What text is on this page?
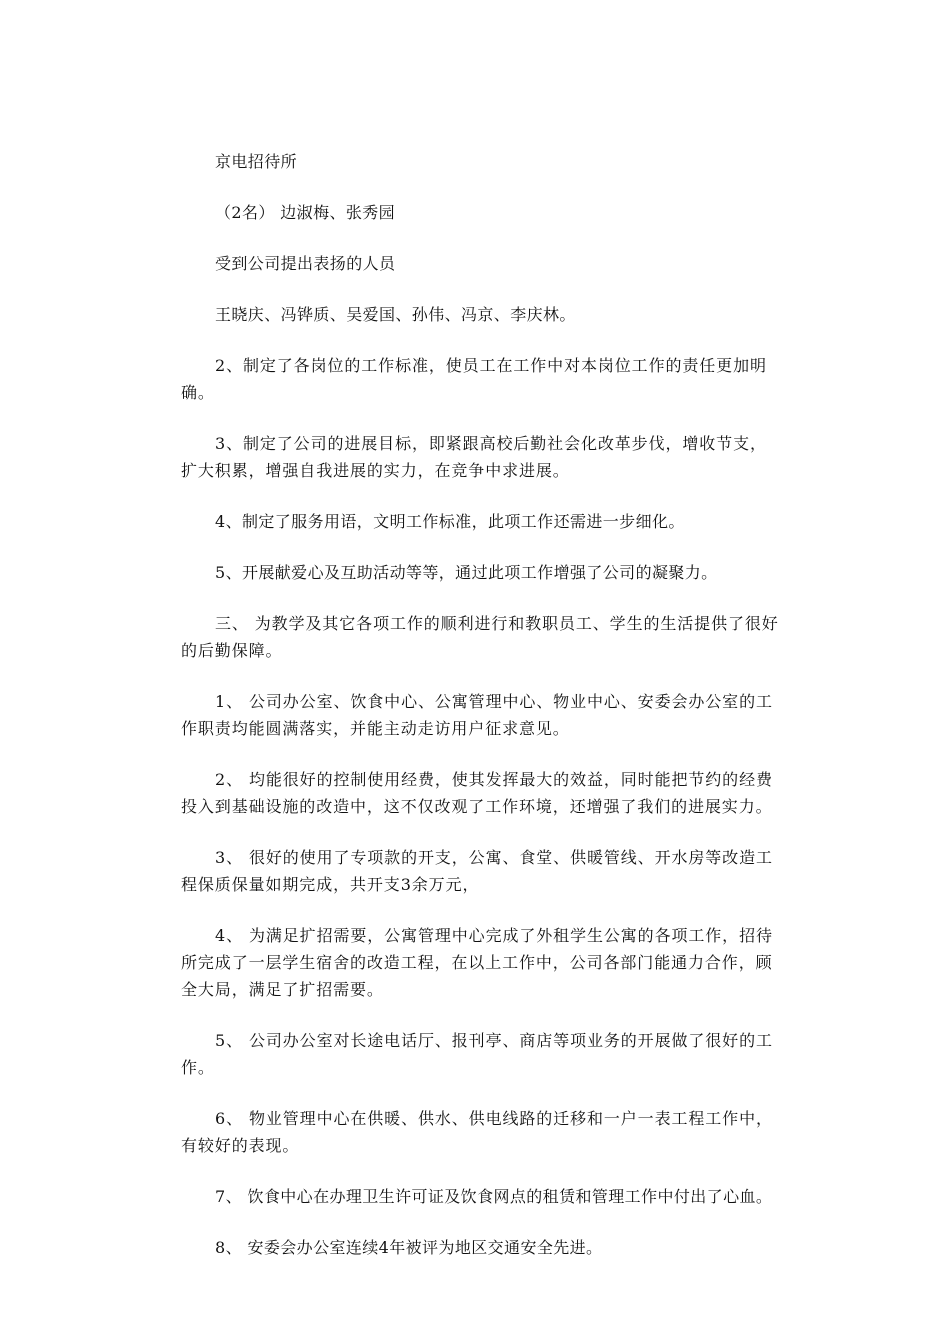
京电招待所

（2名） 边淑梅、张秀园

受到公司提出表扬的人员

王晓庆、冯铧质、吴爱国、孙伟、冯京、李庆林。

2、制定了各岗位的工作标准，使员工在工作中对本岗位工作的责任更加明确。

3、制定了公司的进展目标，即紧跟高校后勤社会化改革步伐，增收节支，扩大积累，增强自我进展的实力，在竞争中求进展。

4、制定了服务用语，文明工作标准，此项工作还需进一步细化。

5、开展献爱心及互助活动等等，通过此项工作增强了公司的凝聚力。

三、 为教学及其它各项工作的顺利进行和教职员工、学生的生活提供了很好的后勤保障。

1、 公司办公室、饮食中心、公寓管理中心、物业中心、安委会办公室的工作职责均能圆满落实，并能主动走访用户征求意见。

2、 均能很好的控制使用经费，使其发挥最大的效益，同时能把节约的经费投入到基础设施的改造中，这不仅改观了工作环境，还增强了我们的进展实力。

3、 很好的使用了专项款的开支，公寓、食堂、供暖管线、开水房等改造工程保质保量如期完成，共开支3余万元，

4、 为满足扩招需要，公寓管理中心完成了外租学生公寓的各项工作，招待所完成了一层学生宿舍的改造工程，在以上工作中，公司各部门能通力合作，顾全大局，满足了扩招需要。

5、 公司办公室对长途电话厅、报刊亭、商店等项业务的开展做了很好的工作。

6、 物业管理中心在供暖、供水、供电线路的迁移和一户一表工程工作中，有较好的表现。

7、 饮食中心在办理卫生许可证及饮食网点的租赁和管理工作中付出了心血。

8、 安委会办公室连续4年被评为地区交通安全先进。
